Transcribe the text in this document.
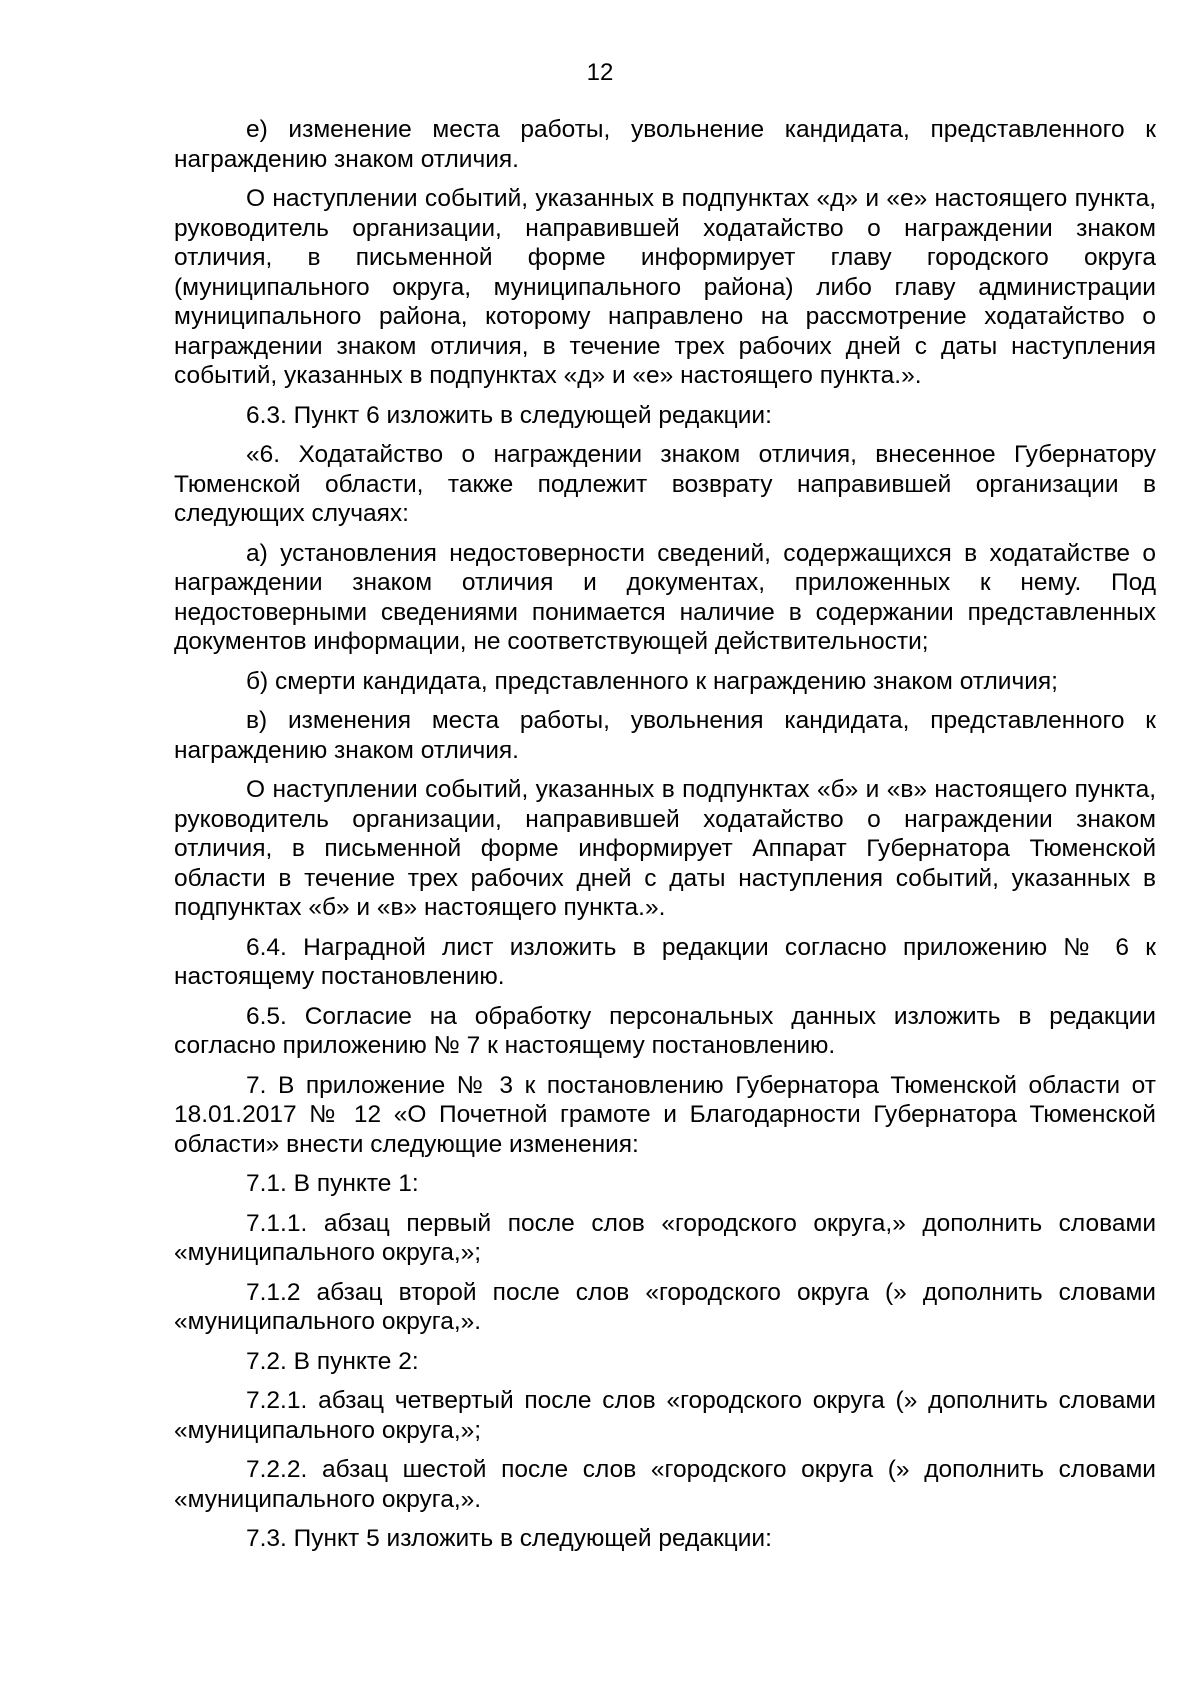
12

е) изменение места работы, увольнение кандидата, представленного к награждению знаком отличия.

О наступлении событий, указанных в подпунктах «д» и «е» настоящего пункта, руководитель организации, направившей ходатайство о награждении знаком отличия, в письменной форме информирует главу городского округа (муниципального округа, муниципального района) либо главу администрации муниципального района, которому направлено на рассмотрение ходатайство о награждении знаком отличия, в течение трех рабочих дней с даты наступления событий, указанных в подпунктах «д» и «е» настоящего пункта.».

6.3. Пункт 6 изложить в следующей редакции:

«6. Ходатайство о награждении знаком отличия, внесенное Губернатору Тюменской области, также подлежит возврату направившей организации в следующих случаях:

а) установления недостоверности сведений, содержащихся в ходатайстве о награждении знаком отличия и документах, приложенных к нему. Под недостоверными сведениями понимается наличие в содержании представленных документов информации, не соответствующей действительности;

б) смерти кандидата, представленного к награждению знаком отличия;

в) изменения места работы, увольнения кандидата, представленного к награждению знаком отличия.

О наступлении событий, указанных в подпунктах «б» и «в» настоящего пункта, руководитель организации, направившей ходатайство о награждении знаком отличия, в письменной форме информирует Аппарат Губернатора Тюменской области в течение трех рабочих дней с даты наступления событий, указанных в подпунктах «б» и «в» настоящего пункта.».

6.4. Наградной лист изложить в редакции согласно приложению № 6 к настоящему постановлению.

6.5. Согласие на обработку персональных данных изложить в редакции согласно приложению № 7 к настоящему постановлению.

7. В приложение № 3 к постановлению Губернатора Тюменской области от 18.01.2017 № 12 «О Почетной грамоте и Благодарности Губернатора Тюменской области» внести следующие изменения:

7.1. В пункте 1:

7.1.1. абзац первый после слов «городского округа,» дополнить словами «муниципального округа,»;

7.1.2 абзац второй после слов «городского округа (» дополнить словами «муниципального округа,».

7.2. В пункте 2:

7.2.1. абзац четвертый после слов «городского округа (» дополнить словами «муниципального округа,»;

7.2.2. абзац шестой после слов «городского округа (» дополнить словами «муниципального округа,».

7.3. Пункт 5 изложить в следующей редакции:
